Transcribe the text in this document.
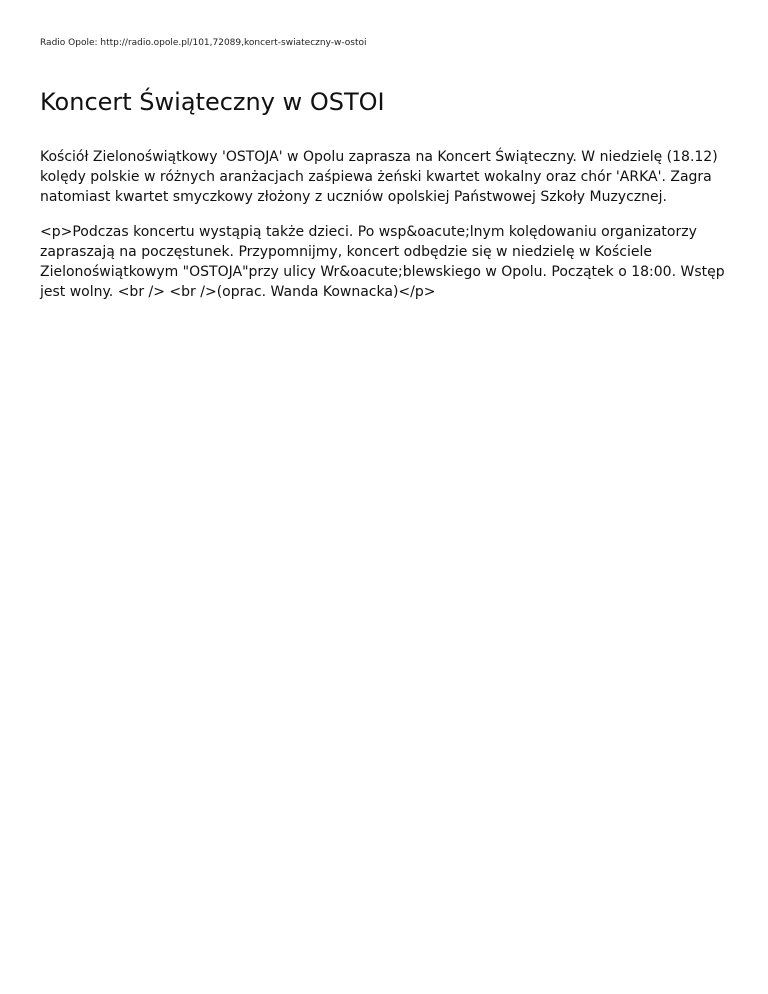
Radio Opole: http://radio.opole.pl/101,72089,koncert-swiateczny-w-ostoi
Koncert Świąteczny w OSTOI

Kościół Zielonoświątkowy 'OSTOJA' w Opolu zaprasza na Koncert Świąteczny. W niedzielę (18.12) kolędy polskie w różnych aranżacjach zaśpiewa żeński kwartet wokalny oraz chór 'ARKA'. Zagra natomiast kwartet smyczkowy złożony z uczniów opolskiej Państwowej Szkoły Muzycznej.

<p>Podczas koncertu wystąpią także dzieci. Po wsp&oacute;lnym kolędowaniu organizatorzy zapraszają na poczęstunek. Przypomnijmy, koncert odbędzie się w niedzielę w Kościele Zielonoświątkowym "OSTOJA"przy ulicy Wr&oacute;blewskiego w Opolu. Początek o 18:00. Wstęp jest wolny. <br /> <br />(oprac. Wanda Kownacka)</p>
